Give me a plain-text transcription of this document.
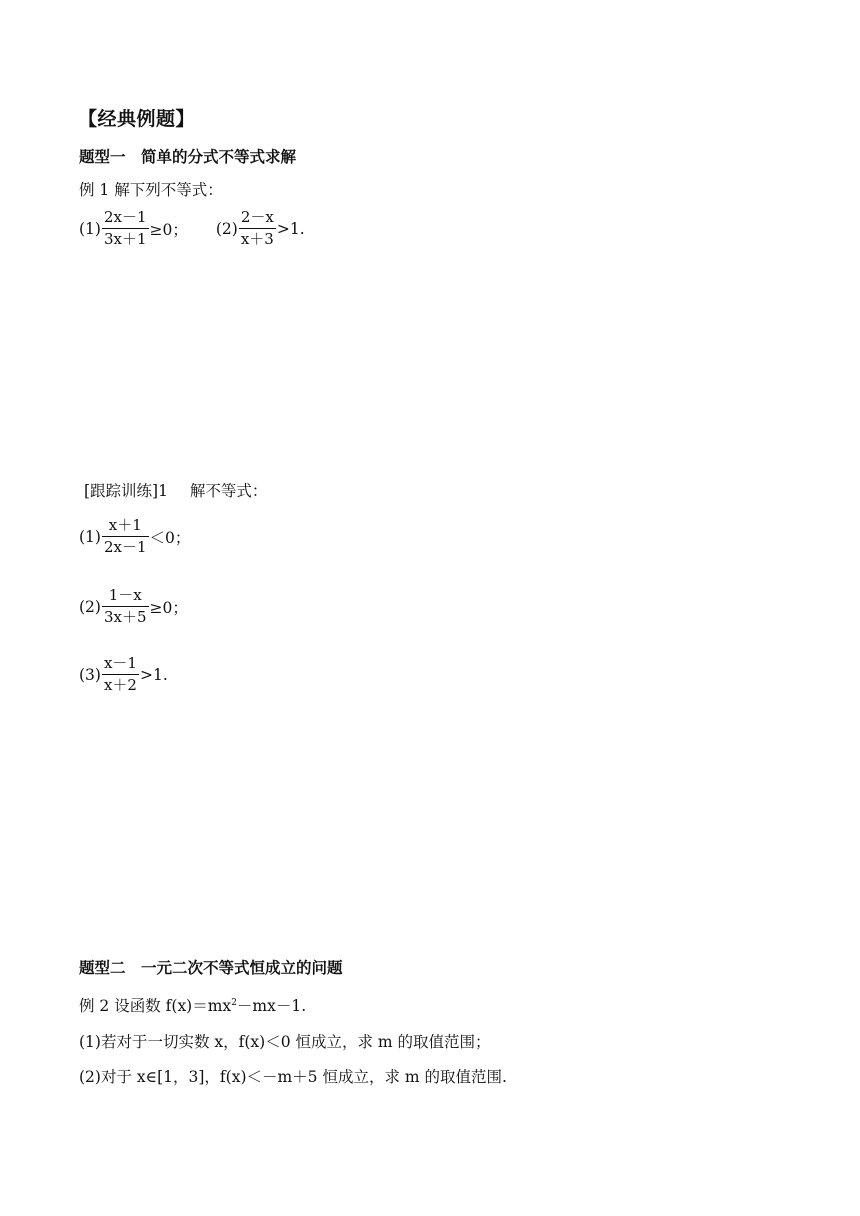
【经典例题】
题型一　简单的分式不等式求解
例 1 解下列不等式：
$(1) \frac{2x-1}{3x+1} \ge 0$； $(2) \frac{2-x}{x+3} >1$.
[跟踪训练]1 解不等式：
$(1) \frac{x+1}{2x-1} <0$；
$(2) \frac{1-x}{3x+5} \ge 0$；
$(3) \frac{x-1}{x+2} >1$.
题型二　一元二次不等式恒成立的问题
例 2 设函数 $f(x)=mx^2-mx-1$.
(1)若对于一切实数 x，f(x)＜0 恒成立，求 m 的取值范围；
(2)对于 x∈[1，3]，f(x)＜－m＋5 恒成立，求 m 的取值范围.
